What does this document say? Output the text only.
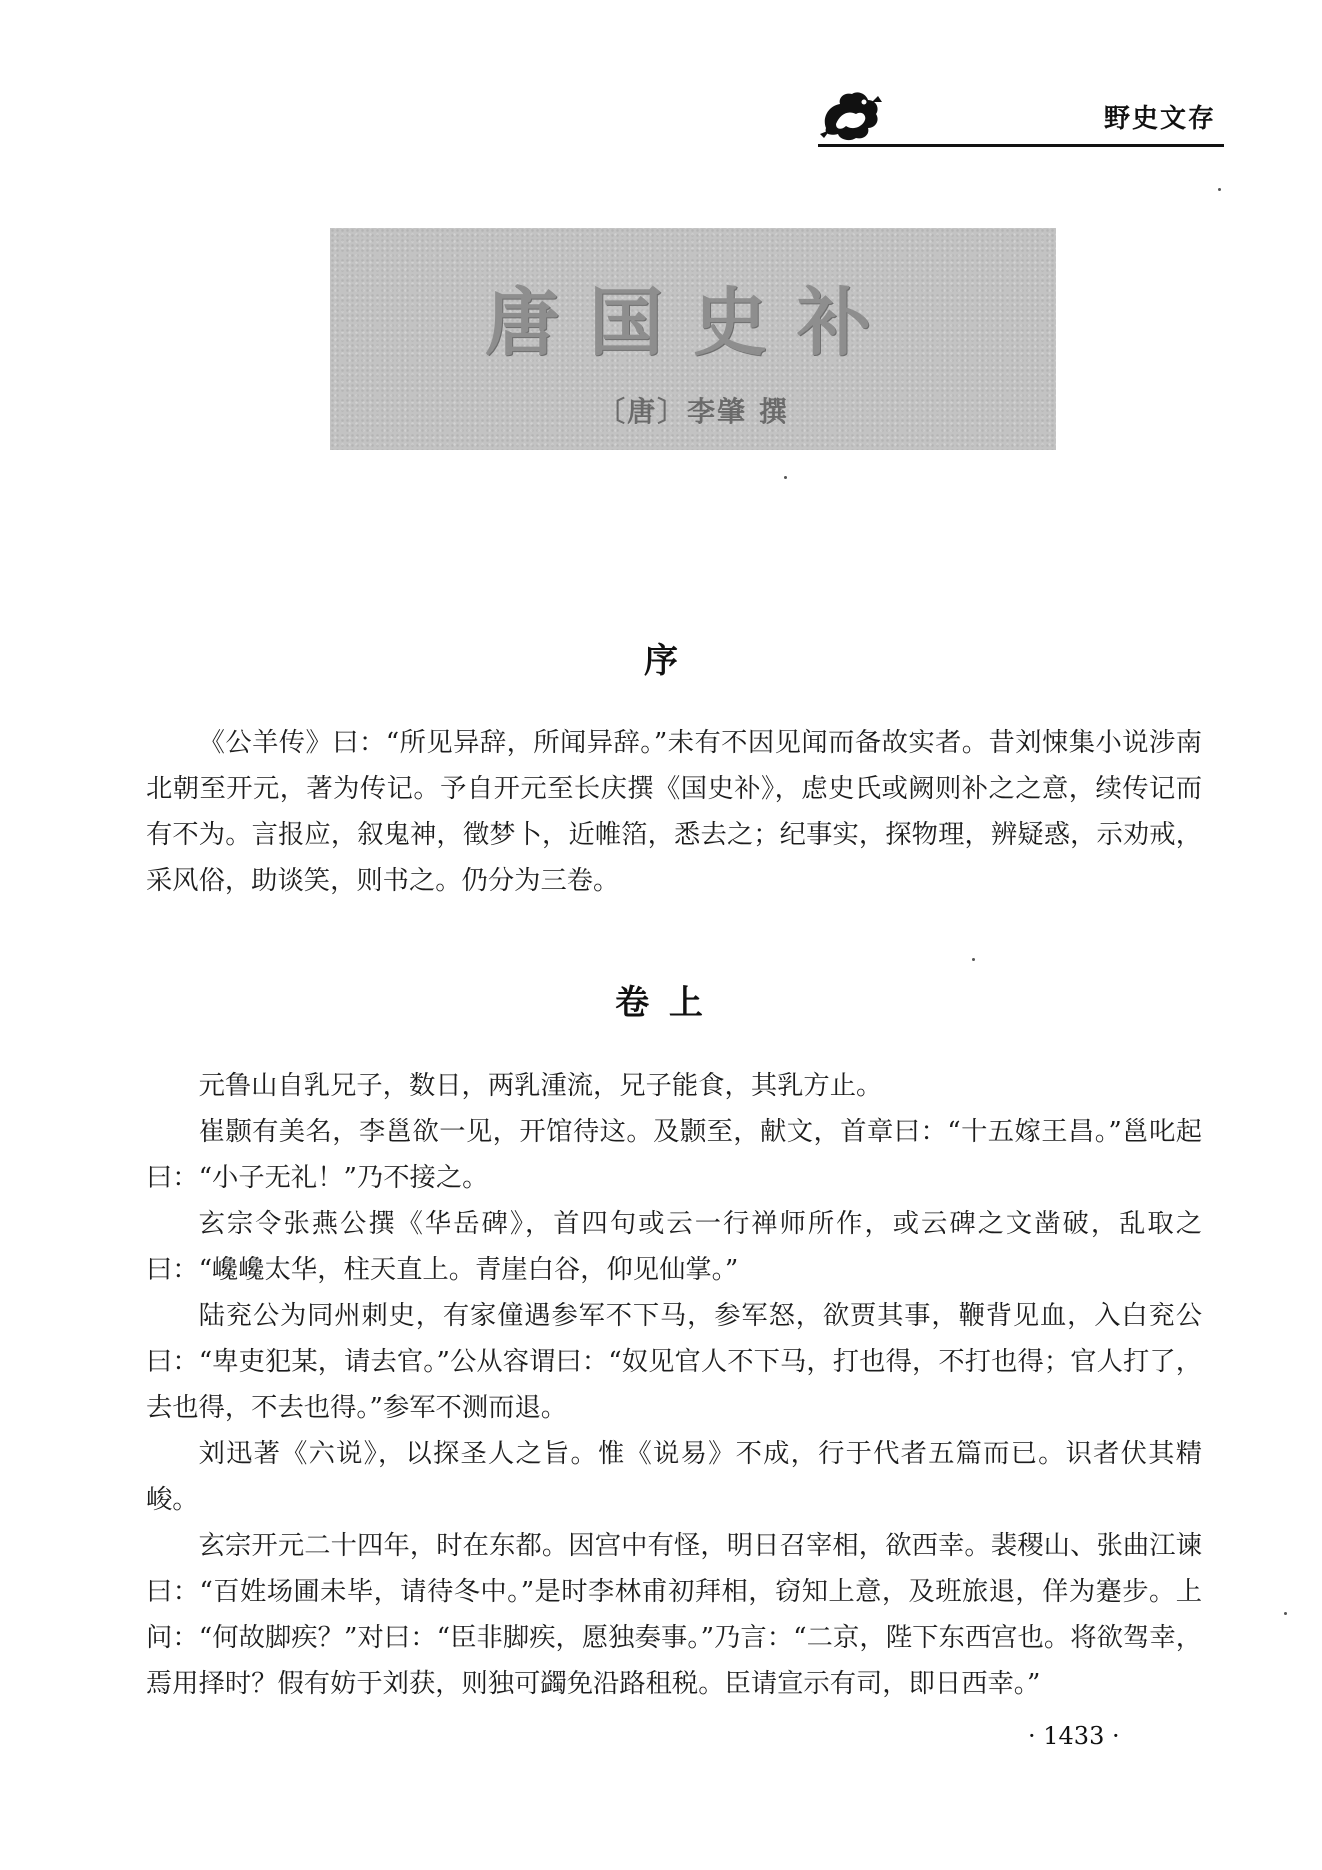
野史文存
唐国史补
〔唐〕李肇 撰
序

《公羊传》曰：“所见异辞，所闻异辞。”未有不因见闻而备故实者。昔刘悚集小说涉南北朝至开元，著为传记。予自开元至长庆撰《国史补》，虑史氏或阙则补之之意，续传记而有不为。言报应，叙鬼神，徵梦卜，近帷箔，悉去之；纪事实，探物理，辨疑惑，示劝戒，采风俗，助谈笑，则书之。仍分为三卷。

卷 上

元鲁山自乳兄子，数日，两乳湩流，兄子能食，其乳方止。

崔颢有美名，李邕欲一见，开馆待这。及颢至，献文，首章曰：“十五嫁王昌。”邕叱起曰：“小子无礼！”乃不接之。

玄宗令张燕公撰《华岳碑》，首四句或云一行禅师所作，或云碑之文凿破，乱取之曰：“巉巉太华，柱天直上。青崖白谷，仰见仙掌。”

陆兖公为同州刺史，有家僮遇参军不下马，参军怒，欲贾其事，鞭背见血，入白兖公曰：“卑吏犯某，请去官。”公从容谓曰：“奴见官人不下马，打也得，不打也得；官人打了，去也得，不去也得。”参军不测而退。

刘迅著《六说》，以探圣人之旨。惟《说易》不成，行于代者五篇而已。识者伏其精峻。

玄宗开元二十四年，时在东都。因宫中有怪，明日召宰相，欲西幸。裴稷山、张曲江谏曰：“百姓场圃未毕，请待冬中。”是时李林甫初拜相，窃知上意，及班旅退，佯为蹇步。上问：“何故脚疾？”对曰：“臣非脚疾，愿独奏事。”乃言：“二京，陛下东西宫也。将欲驾幸，焉用择时？假有妨于刘获，则独可蠲免沿路租税。臣请宣示有司，即日西幸。”

· 1433 ·
